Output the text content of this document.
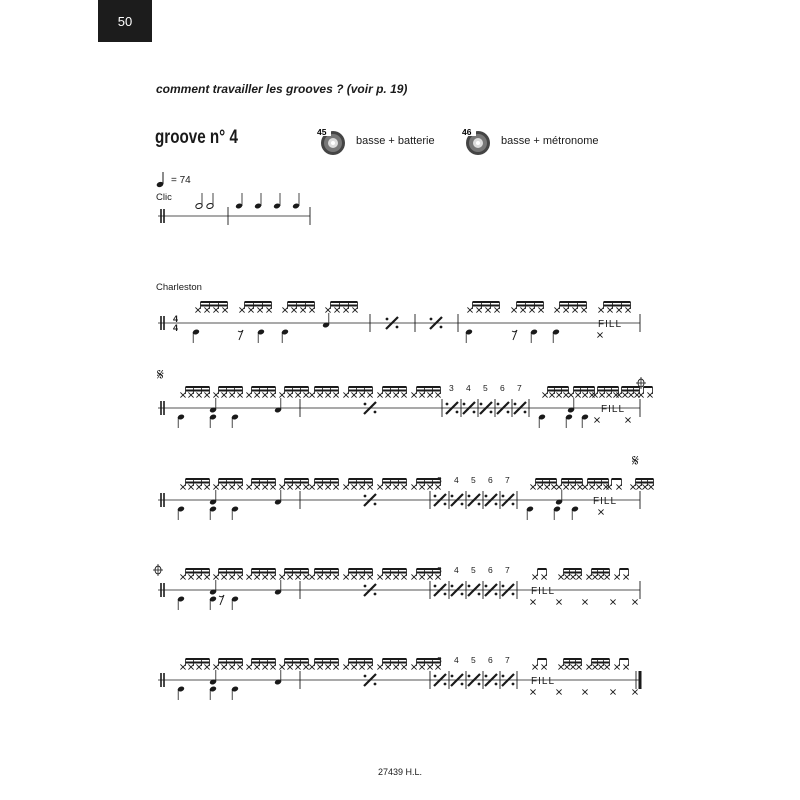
50
comment travailler les grooves ? (voir p. 19)
groove n° 4	45
basse + batterie
46
basse + métronome
= 74
Clic
Charleston
4
4	FILL
𝄋
3 4 5 6 7
FILL
3 4 5 6 7
FILL
𝄋
3 4 5 6 7
FILL
3 4 5 6 7
FILL
27439 H.L.
